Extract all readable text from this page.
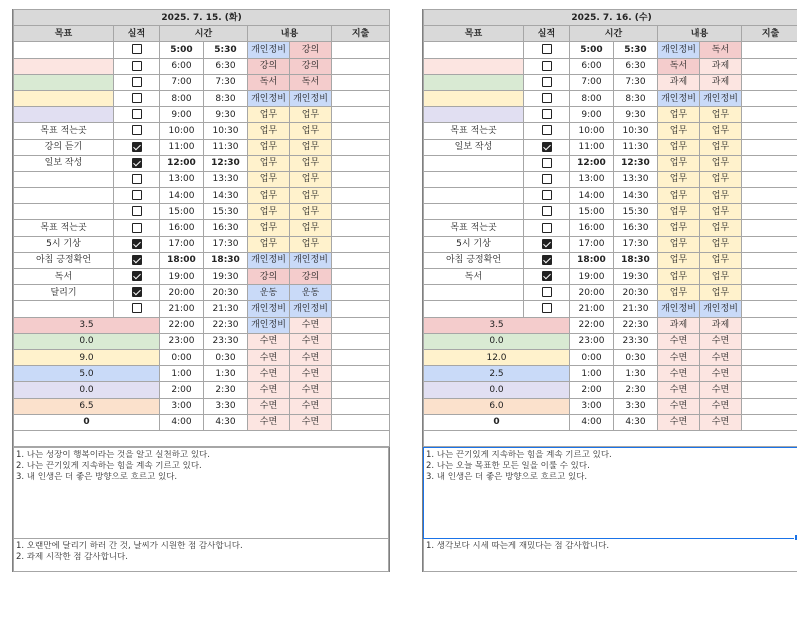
2025. 7. 15. (화)						
목표	실적	시간		내용		지출
		5:00	5:30	개인정비	강의	
		6:00	6:30	강의	강의	
		7:00	7:30	독서	독서	
		8:00	8:30	개인정비	개인정비	
		9:00	9:30	업무	업무	
목표 적는곳		10:00	10:30	업무	업무	
강의 듣기		11:00	11:30	업무	업무	
일보 작성		12:00	12:30	업무	업무	
		13:00	13:30	업무	업무	
		14:00	14:30	업무	업무	
		15:00	15:30	업무	업무	
목표 적는곳		16:00	16:30	업무	업무	
5시 기상		17:00	17:30	업무	업무	
아침 긍정확언		18:00	18:30	개인정비	개인정비	
독서		19:00	19:30	강의	강의	
달리기		20:00	20:30	운동	운동	
		21:00	21:30	개인정비	개인정비	
3.5		22:00	22:30	개인정비	수면	
0.0		23:00	23:30	수면	수면	
9.0		0:00	0:30	수면	수면	
5.0		1:00	1:30	수면	수면	
0.0		2:00	2:30	수면	수면	
6.5		3:00	3:30	수면	수면	
0		4:00	4:30	수면	수면	

1. 나는 성장이 행복이라는 것을 알고 실천하고 있다.
2. 나는 끈기있게 지속하는 힘을 계속 기르고 있다.
3. 내 인생은 더 좋은 방향으로 흐르고 있다.
1. 오랜만에 달리기 하러 간 것, 날씨가 시원한 점 감사합니다.
2. 과제 시작한 점 감사합니다.
2025. 7. 16. (수)						
목표	실적	시간		내용		지출
		5:00	5:30	개인정비	독서	
		6:00	6:30	독서	과제	
		7:00	7:30	과제	과제	
		8:00	8:30	개인정비	개인정비	
		9:00	9:30	업무	업무	
목표 적는곳		10:00	10:30	업무	업무	
일보 작성		11:00	11:30	업무	업무	
		12:00	12:30	업무	업무	
		13:00	13:30	업무	업무	
		14:00	14:30	업무	업무	
		15:00	15:30	업무	업무	
목표 적는곳		16:00	16:30	업무	업무	
5시 기상		17:00	17:30	업무	업무	
아침 긍정확언		18:00	18:30	업무	업무	
독서		19:00	19:30	업무	업무	
		20:00	20:30	업무	업무	
		21:00	21:30	개인정비	개인정비	
3.5		22:00	22:30	과제	과제	
0.0		23:00	23:30	수면	수면	
12.0		0:00	0:30	수면	수면	
2.5		1:00	1:30	수면	수면	
0.0		2:00	2:30	수면	수면	
6.0		3:00	3:30	수면	수면	
0		4:00	4:30	수면	수면	

1. 나는 끈기있게 지속하는 힘을 계속 기르고 있다.
2. 나는 오늘 목표한 모든 일을 이룰 수 있다.
3. 내 인생은 더 좋은 방향으로 흐르고 있다.
1. 생각보다 시세 따는게 재밌다는 점 감사합니다.
